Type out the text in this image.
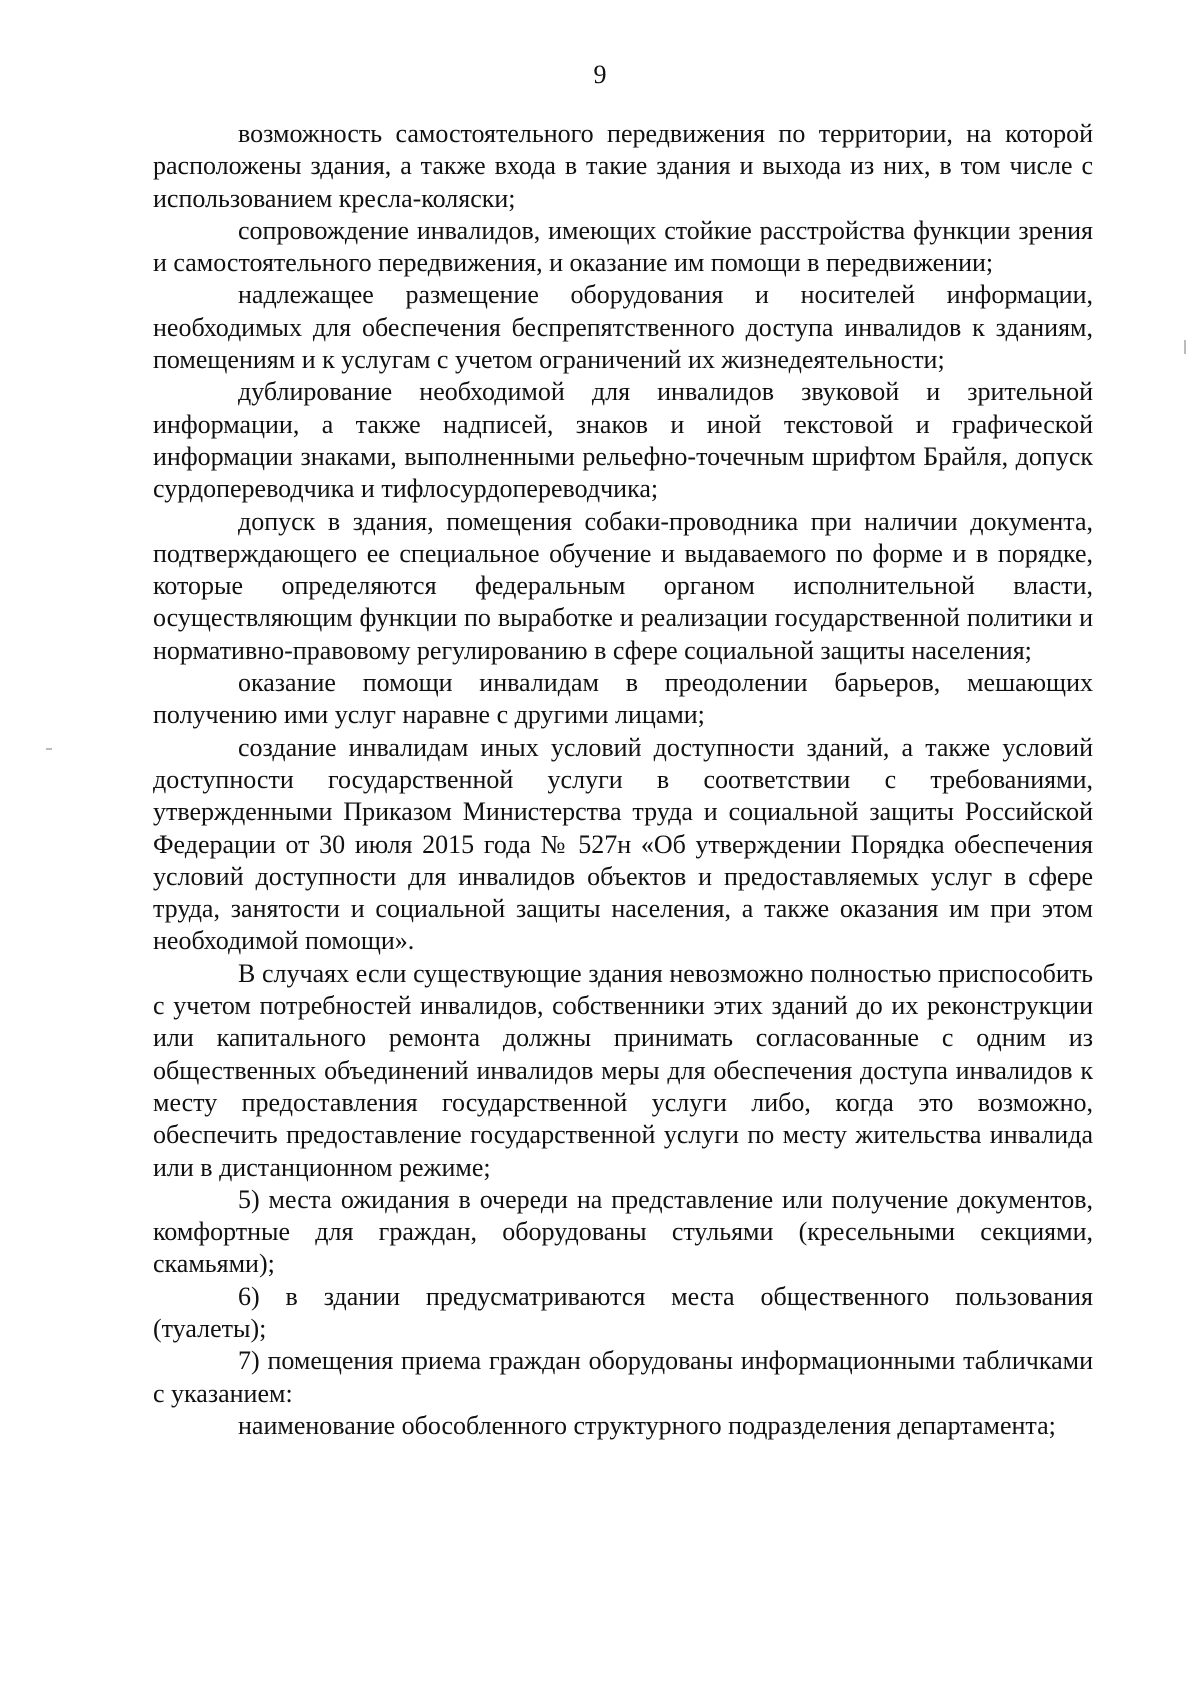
9

возможность самостоятельного передвижения по территории, на которой расположены здания, а также входа в такие здания и выхода из них, в том числе с использованием кресла-коляски;

сопровождение инвалидов, имеющих стойкие расстройства функции зрения и самостоятельного передвижения, и оказание им помощи в передвижении;

надлежащее размещение оборудования и носителей информации, необходимых для обеспечения беспрепятственного доступа инвалидов к зданиям, помещениям и к услугам с учетом ограничений их жизнедеятельности;

дублирование необходимой для инвалидов звуковой и зрительной информации, а также надписей, знаков и иной текстовой и графической информации знаками, выполненными рельефно-точечным шрифтом Брайля, допуск сурдопереводчика и тифлосурдопереводчика;

допуск в здания, помещения собаки-проводника при наличии документа, подтверждающего ее специальное обучение и выдаваемого по форме и в порядке, которые определяются федеральным органом исполнительной власти, осуществляющим функции по выработке и реализации государственной политики и нормативно-правовому регулированию в сфере социальной защиты населения;

оказание помощи инвалидам в преодолении барьеров, мешающих получению ими услуг наравне с другими лицами;

создание инвалидам иных условий доступности зданий, а также условий доступности государственной услуги в соответствии с требованиями, утвержденными Приказом Министерства труда и социальной защиты Российской Федерации от 30 июля 2015 года № 527н «Об утверждении Порядка обеспечения условий доступности для инвалидов объектов и предоставляемых услуг в сфере труда, занятости и социальной защиты населения, а также оказания им при этом необходимой помощи».

В случаях если существующие здания невозможно полностью приспособить с учетом потребностей инвалидов, собственники этих зданий до их реконструкции или капитального ремонта должны принимать согласованные с одним из общественных объединений инвалидов меры для обеспечения доступа инвалидов к месту предоставления государственной услуги либо, когда это возможно, обеспечить предоставление государственной услуги по месту жительства инвалида или в дистанционном режиме;

5) места ожидания в очереди на представление или получение документов, комфортные для граждан, оборудованы стульями (кресельными секциями, скамьями);

6) в здании предусматриваются места общественного пользования (туалеты);

7) помещения приема граждан оборудованы информационными табличками с указанием:

наименование обособленного структурного подразделения департамента;
